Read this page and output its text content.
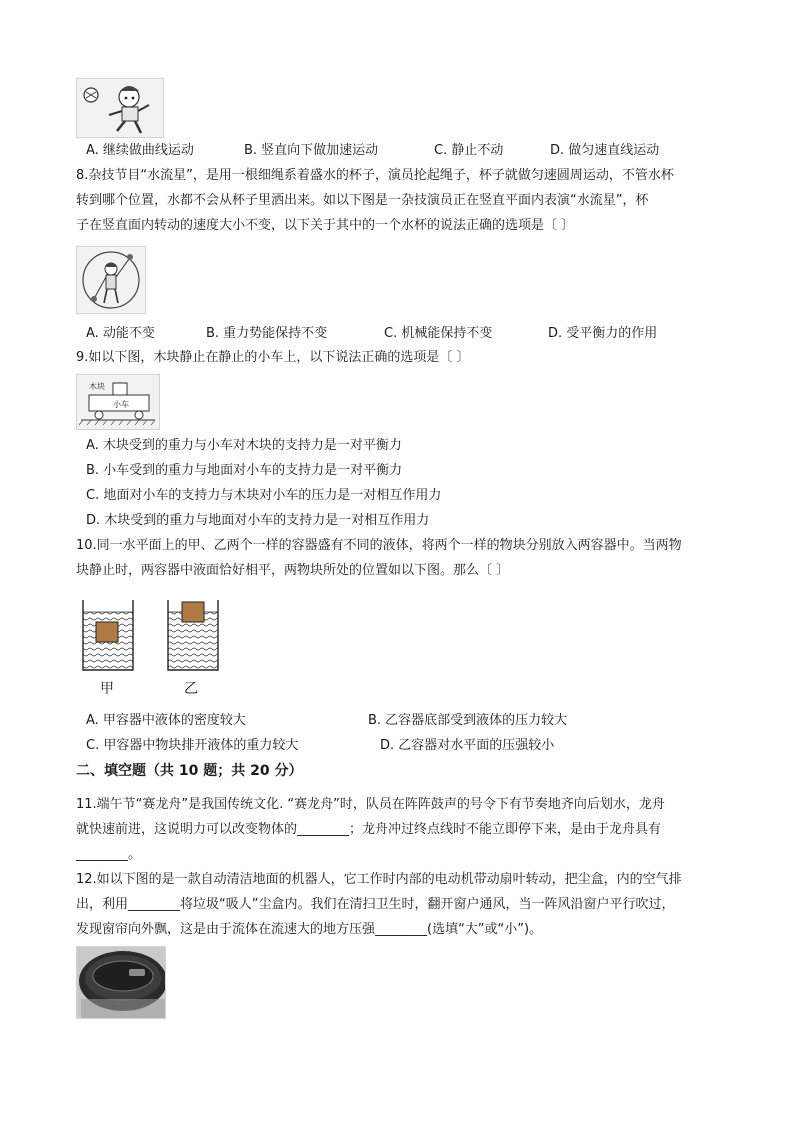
A. 继续做曲线运动	B. 竖直向下做加速运动	C. 静止不动	D. 做匀速直线运动
8.杂技节目“水流星”，是用一根细绳系着盛水的杯子，演员抡起绳子，杯子就做匀速圆周运动，不管水杯
转到哪个位置，水都不会从杯子里洒出来。如以下图是一杂技演员正在竖直平面内表演“水流星”，杯
子在竖直面内转动的速度大小不变，以下关于其中的一个水杯的说法正确的选项是〔 〕
A. 动能不变	B. 重力势能保持不变	C. 机械能保持不变	D. 受平衡力的作用
9.如以下图，木块静止在静止的小车上，以下说法正确的选项是〔 〕
木块
小车
A. 木块受到的重力与小车对木块的支持力是一对平衡力
B. 小车受到的重力与地面对小车的支持力是一对平衡力
C. 地面对小车的支持力与木块对小车的压力是一对相互作用力
D. 木块受到的重力与地面对小车的支持力是一对相互作用力
10.同一水平面上的甲、乙两个一样的容器盛有不同的液体，将两个一样的物块分别放入两容器中。当两物
块静止时，两容器中液面恰好相平，两物块所处的位置如以下图。那么〔 〕
甲	乙
A. 甲容器中液体的密度较大	B. 乙容器底部受到液体的压力较大
C. 甲容器中物块排开液体的重力较大	D. 乙容器对水平面的压强较小
二、填空题（共 10 题；共 20 分）
11.端午节“赛龙舟”是我国传统文化. “赛龙舟”时，队员在阵阵鼓声的号令下有节奏地齐向后划水，龙舟
就快速前进，这说明力可以改变物体的________；龙舟冲过终点线时不能立即停下来，是由于龙舟具有
________。
12.如以下图的是一款自动清洁地面的机器人，它工作时内部的电动机带动扇叶转动，把尘盒，内的空气排
出，利用________将垃圾“吸人”尘盒内。我们在清扫卫生时，翻开窗户通风，当一阵风沿窗户平行吹过，
发现窗帘向外飘，这是由于流体在流速大的地方压强________(选填“大”或“小”)。
